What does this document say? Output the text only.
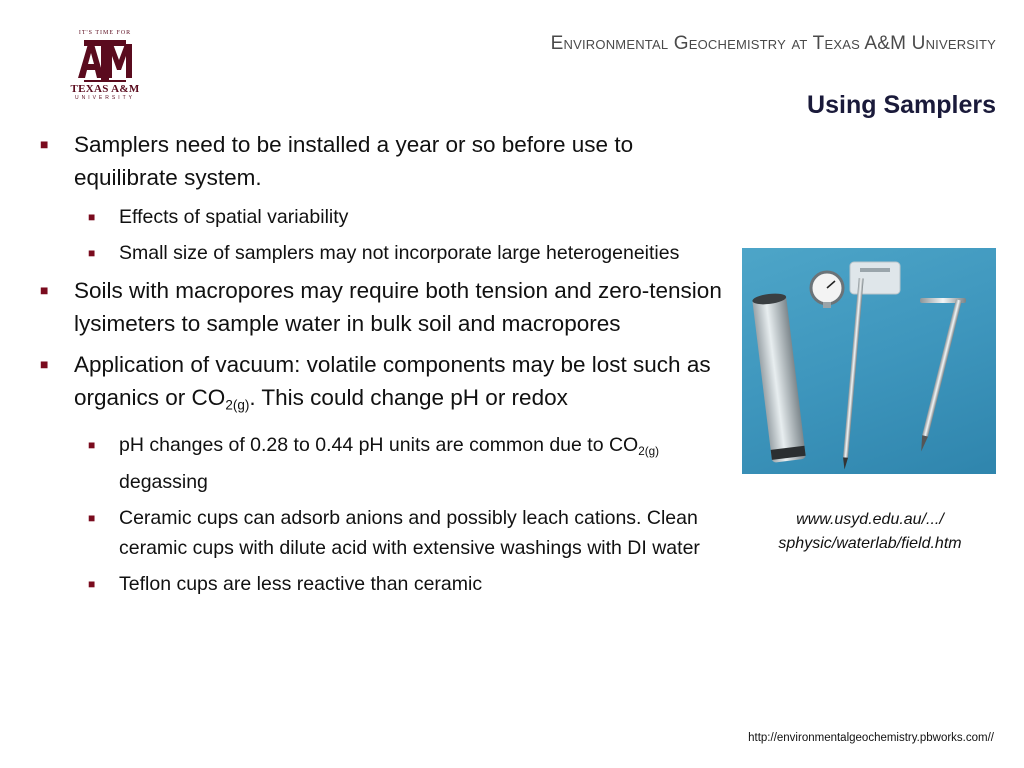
IT'S TIME FOR
TEXAS A&M
UNIVERSITY
Environmental Geochemistry at Texas A&M University
Using Samplers
■ Samplers need to be installed a year or so before use to equilibrate system.
■ Effects of spatial variability
■ Small size of samplers may not incorporate large heterogeneities
■ Soils with macropores may require both tension and zero-tension lysimeters to sample water in bulk soil and macropores
■ Application of vacuum: volatile components may be lost such as organics or $CO_{2(g)}$. This could change pH or redox
■ pH changes of 0.28 to 0.44 pH units are common due to $CO_{2(g)}$ degassing
■ Ceramic cups can adsorb anions and possibly leach cations. Clean ceramic cups with dilute acid with extensive washings with DI water
■ Teflon cups are less reactive than ceramic
www.usyd.edu.au/.../
sphysic/waterlab/field.htm
http://environmentalgeochemistry.pbworks.com//
